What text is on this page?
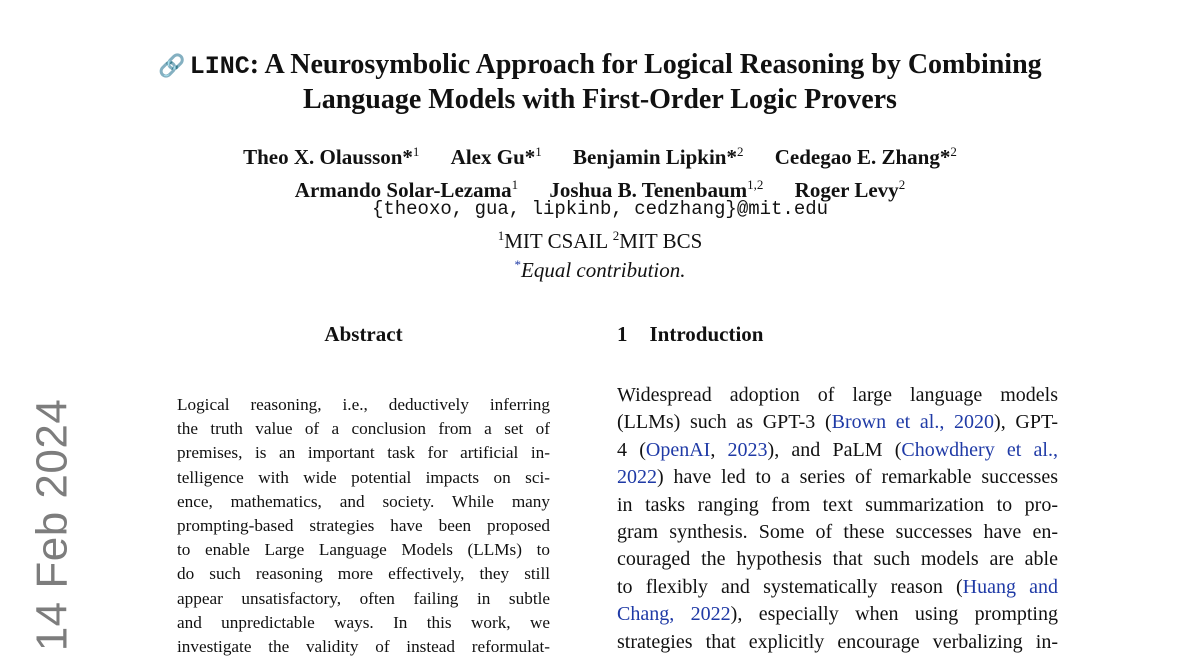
14 Feb 2024
🔗 LINC: A Neurosymbolic Approach for Logical Reasoning by Combining
Language Models with First-Order Logic Provers
Theo X. Olausson*$^1$ Alex Gu*$^1$ Benjamin Lipkin*$^2$ Cedegao E. Zhang*$^2$
Armando Solar-Lezama$^1$ Joshua B. Tenenbaum$^{1,2}$ Roger Levy$^2$
{theoxo, gua, lipkinb, cedzhang}@mit.edu
$^1$MIT CSAIL $^2$MIT BCS
*Equal contribution.
Abstract	1 Introduction
Logical reasoning, i.e., deductively inferring
the truth value of a conclusion from a set of
premises, is an important task for artificial in-
telligence with wide potential impacts on sci-
ence, mathematics, and society. While many
prompting-based strategies have been proposed
to enable Large Language Models (LLMs) to
do such reasoning more effectively, they still
appear unsatisfactory, often failing in subtle
and unpredictable ways. In this work, we
investigate the validity of instead reformulat-
Widespread adoption of large language models
(LLMs) such as GPT-3 (Brown et al., 2020), GPT-
4 (OpenAI, 2023), and PaLM (Chowdhery et al.,
2022) have led to a series of remarkable successes
in tasks ranging from text summarization to pro-
gram synthesis. Some of these successes have en-
couraged the hypothesis that such models are able
to flexibly and systematically reason (Huang and
Chang, 2022), especially when using prompting
strategies that explicitly encourage verbalizing in-
